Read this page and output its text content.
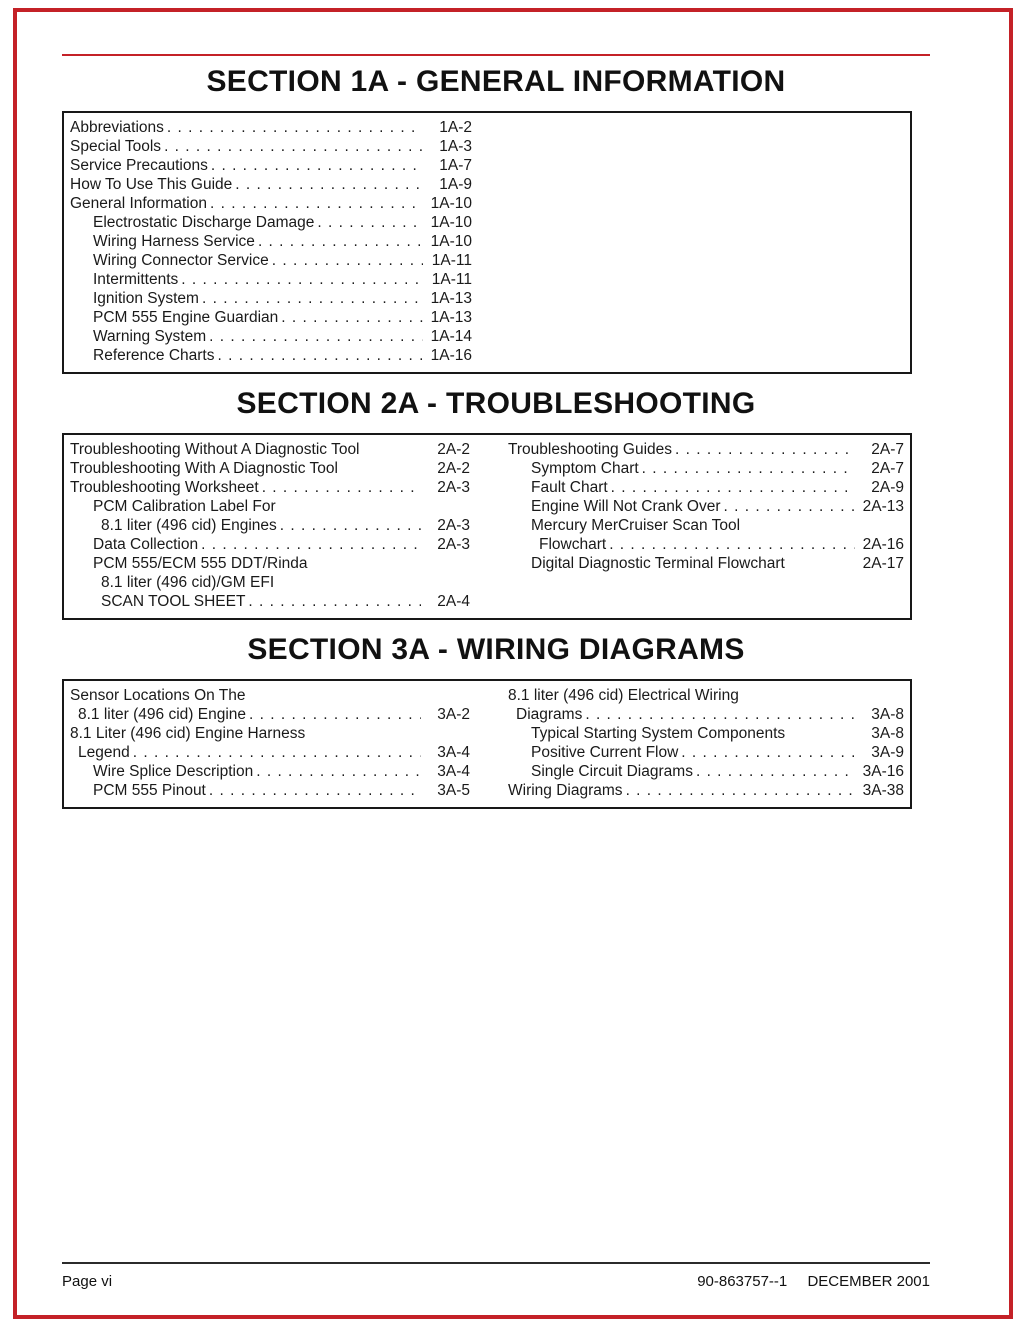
SECTION 1A - GENERAL INFORMATION
Abbreviations . . .	1A-2
Special Tools . . .	1A-3
Service Precautions . . .	1A-7
How To Use This Guide . . .	1A-9
General Information . . .	1A-10
Electrostatic Discharge Damage . . .	1A-10
Wiring Harness Service . . .	1A-10
Wiring Connector Service . . .	1A-11
Intermittents . . .	1A-11
Ignition System . . .	1A-13
PCM 555 Engine Guardian . . .	1A-13
Warning System . . .	1A-14
Reference Charts . . .	1A-16
SECTION 2A - TROUBLESHOOTING
Troubleshooting Without A Diagnostic Tool	2A-2
Troubleshooting With A Diagnostic Tool	2A-2
Troubleshooting Worksheet . . .	2A-3
PCM Calibration Label For
8.1 liter (496 cid) Engines . . .	2A-3
Data Collection . . .	2A-3
PCM 555/ECM 555 DDT/Rinda
8.1 liter (496 cid)/GM EFI
SCAN TOOL SHEET . . .	2A-4
Troubleshooting Guides . . .	2A-7
Symptom Chart . . .	2A-7
Fault Chart . . .	2A-9
Engine Will Not Crank Over . . .	2A-13
Mercury MerCruiser Scan Tool
Flowchart . . .	2A-16
Digital Diagnostic Terminal Flowchart	2A-17
SECTION 3A - WIRING DIAGRAMS
Sensor Locations On The
8.1 liter (496 cid) Engine . . .	3A-2
8.1 Liter (496 cid) Engine Harness
Legend . . .	3A-4
Wire Splice Description . . .	3A-4
PCM 555 Pinout . . .	3A-5
8.1 liter (496 cid) Electrical Wiring
Diagrams . . .	3A-8
Typical Starting System Components	3A-8
Positive Current Flow . . .	3A-9
Single Circuit Diagrams . . .	3A-16
Wiring Diagrams . . .	3A-38
Page vi	90-863757--1 DECEMBER 2001
